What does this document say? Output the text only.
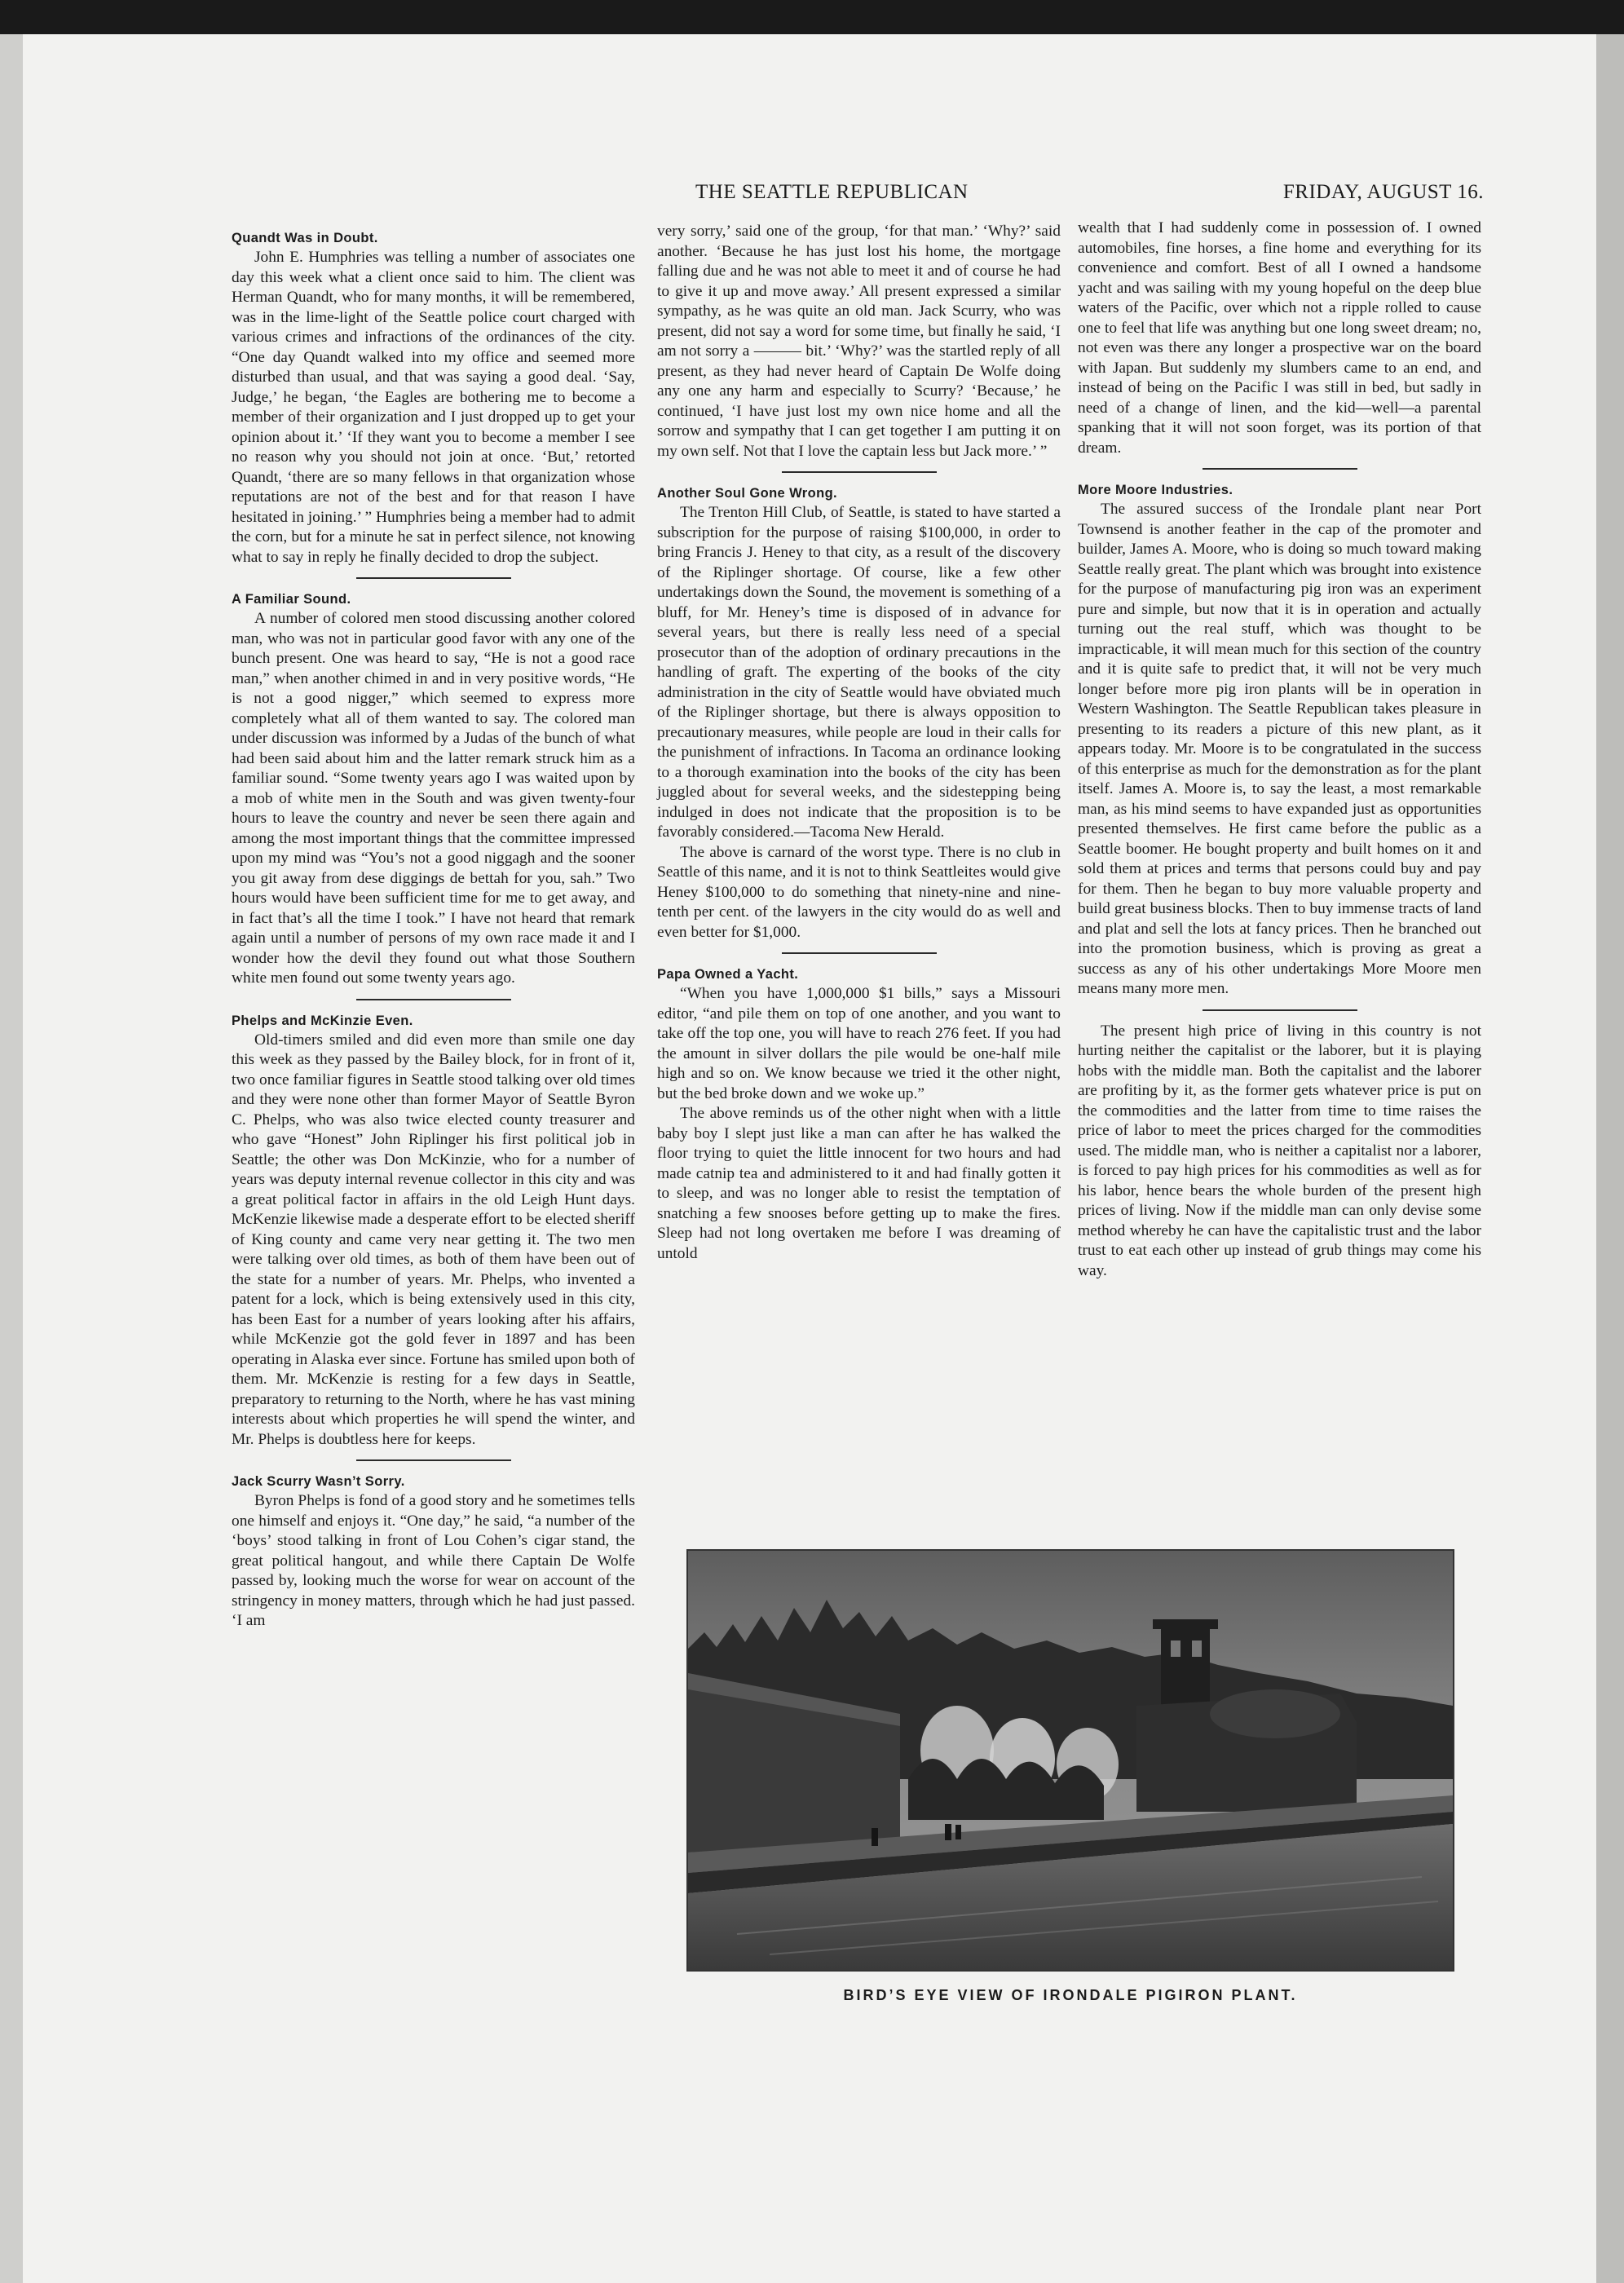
THE SEATTLE REPUBLICAN	FRIDAY, AUGUST 16.
Quandt Was in Doubt.

John E. Humphries was telling a number of associates one day this week what a client once said to him. The client was Herman Quandt, who for many months, it will be remembered, was in the lime-light of the Seattle police court charged with various crimes and infractions of the ordinances of the city. “One day Quandt walked into my office and seemed more disturbed than usual, and that was saying a good deal. ‘Say, Judge,’ he began, ‘the Eagles are bothering me to become a member of their organization and I just dropped up to get your opinion about it.’ ‘If they want you to become a member I see no reason why you should not join at once. ‘But,’ retorted Quandt, ‘there are so many fellows in that organization whose reputations are not of the best and for that reason I have hesitated in joining.’ ” Humphries being a member had to admit the corn, but for a minute he sat in perfect silence, not knowing what to say in reply he finally decided to drop the subject.

A Familiar Sound.

A number of colored men stood discussing another colored man, who was not in particular good favor with any one of the bunch present. One was heard to say, “He is not a good race man,” when another chimed in and in very positive words, “He is not a good nigger,” which seemed to express more completely what all of them wanted to say. The colored man under discussion was informed by a Judas of the bunch of what had been said about him and the latter remark struck him as a familiar sound. “Some twenty years ago I was waited upon by a mob of white men in the South and was given twenty-four hours to leave the country and never be seen there again and among the most important things that the committee impressed upon my mind was “You’s not a good niggagh and the sooner you git away from dese diggings de bettah for you, sah.” Two hours would have been sufficient time for me to get away, and in fact that’s all the time I took.” I have not heard that remark again until a number of persons of my own race made it and I wonder how the devil they found out what those Southern white men found out some twenty years ago.

Phelps and McKinzie Even.

Old-timers smiled and did even more than smile one day this week as they passed by the Bailey block, for in front of it, two once familiar figures in Seattle stood talking over old times and they were none other than former Mayor of Seattle Byron C. Phelps, who was also twice elected county treasurer and who gave “Honest” John Riplinger his first political job in Seattle; the other was Don McKinzie, who for a number of years was deputy internal revenue collector in this city and was a great political factor in affairs in the old Leigh Hunt days. McKenzie likewise made a desperate effort to be elected sheriff of King county and came very near getting it. The two men were talking over old times, as both of them have been out of the state for a number of years. Mr. Phelps, who invented a patent for a lock, which is being extensively used in this city, has been East for a number of years looking after his affairs, while McKenzie got the gold fever in 1897 and has been operating in Alaska ever since. Fortune has smiled upon both of them. Mr. McKenzie is resting for a few days in Seattle, preparatory to returning to the North, where he has vast mining interests about which properties he will spend the winter, and Mr. Phelps is doubtless here for keeps.

Jack Scurry Wasn’t Sorry.

Byron Phelps is fond of a good story and he sometimes tells one himself and enjoys it. “One day,” he said, “a number of the ‘boys’ stood talking in front of Lou Cohen’s cigar stand, the great political hangout, and while there Captain De Wolfe passed by, looking much the worse for wear on account of the stringency in money matters, through which he had just passed. ‘I am

very sorry,’ said one of the group, ‘for that man.’ ‘Why?’ said another. ‘Because he has just lost his home, the mortgage falling due and he was not able to meet it and of course he had to give it up and move away.’ All present expressed a similar sympathy, as he was quite an old man. Jack Scurry, who was present, did not say a word for some time, but finally he said, ‘I am not sorry a ——— bit.’ ‘Why?’ was the startled reply of all present, as they had never heard of Captain De Wolfe doing any one any harm and especially to Scurry? ‘Because,’ he continued, ‘I have just lost my own nice home and all the sorrow and sympathy that I can get together I am putting it on my own self. Not that I love the captain less but Jack more.’ ”

Another Soul Gone Wrong.

The Trenton Hill Club, of Seattle, is stated to have started a subscription for the purpose of raising $100,000, in order to bring Francis J. Heney to that city, as a result of the discovery of the Riplinger shortage. Of course, like a few other undertakings down the Sound, the movement is something of a bluff, for Mr. Heney’s time is disposed of in advance for several years, but there is really less need of a special prosecutor than of the adoption of ordinary precautions in the handling of graft. The experting of the books of the city administration in the city of Seattle would have obviated much of the Riplinger shortage, but there is always opposition to precautionary measures, while people are loud in their calls for the punishment of infractions. In Tacoma an ordinance looking to a thorough examination into the books of the city has been juggled about for several weeks, and the sidestepping being indulged in does not indicate that the proposition is to be favorably considered.—Tacoma New Herald.

The above is carnard of the worst type. There is no club in Seattle of this name, and it is not to think Seattleites would give Heney $100,000 to do something that ninety-nine and nine-tenth per cent. of the lawyers in the city would do as well and even better for $1,000.

Papa Owned a Yacht.

“When you have 1,000,000 $1 bills,” says a Missouri editor, “and pile them on top of one another, and you want to take off the top one, you will have to reach 276 feet. If you had the amount in silver dollars the pile would be one-half mile high and so on. We know because we tried it the other night, but the bed broke down and we woke up.”

The above reminds us of the other night when with a little baby boy I slept just like a man can after he has walked the floor trying to quiet the little innocent for two hours and had made catnip tea and administered to it and had finally gotten it to sleep, and was no longer able to resist the temptation of snatching a few snooses before getting up to make the fires. Sleep had not long overtaken me before I was dreaming of untold

wealth that I had suddenly come in possession of. I owned automobiles, fine horses, a fine home and everything for its convenience and comfort. Best of all I owned a handsome yacht and was sailing with my young hopeful on the deep blue waters of the Pacific, over which not a ripple rolled to cause one to feel that life was anything but one long sweet dream; no, not even was there any longer a prospective war on the board with Japan. But suddenly my slumbers came to an end, and instead of being on the Pacific I was still in bed, but sadly in need of a change of linen, and the kid—well—a parental spanking that it will not soon forget, was its portion of that dream.

More Moore Industries.

The assured success of the Irondale plant near Port Townsend is another feather in the cap of the promoter and builder, James A. Moore, who is doing so much toward making Seattle really great. The plant which was brought into existence for the purpose of manufacturing pig iron was an experiment pure and simple, but now that it is in operation and actually turning out the real stuff, which was thought to be impracticable, it will mean much for this section of the country and it is quite safe to predict that, it will not be very much longer before more pig iron plants will be in operation in Western Washington. The Seattle Republican takes pleasure in presenting to its readers a picture of this new plant, as it appears today. Mr. Moore is to be congratulated in the success of this enterprise as much for the demonstration as for the plant itself. James A. Moore is, to say the least, a most remarkable man, as his mind seems to have expanded just as opportunities presented themselves. He first came before the public as a Seattle boomer. He bought property and built homes on it and sold them at prices and terms that persons could buy and pay for them. Then he began to buy more valuable property and build great business blocks. Then to buy immense tracts of land and plat and sell the lots at fancy prices. Then he branched out into the promotion business, which is proving as great a success as any of his other undertakings More Moore men means many more men.

The present high price of living in this country is not hurting neither the capitalist or the laborer, but it is playing hobs with the middle man. Both the capitalist and the laborer are profiting by it, as the former gets whatever price is put on the commodities and the latter from time to time raises the price of labor to meet the prices charged for the commodities used. The middle man, who is neither a capitalist nor a laborer, is forced to pay high prices for his commodities as well as for his labor, hence bears the whole burden of the present high prices of living. Now if the middle man can only devise some method whereby he can have the capitalistic trust and the labor trust to eat each other up instead of grub things may come his way.

BIRD’S EYE VIEW OF IRONDALE PIGIRON PLANT.
